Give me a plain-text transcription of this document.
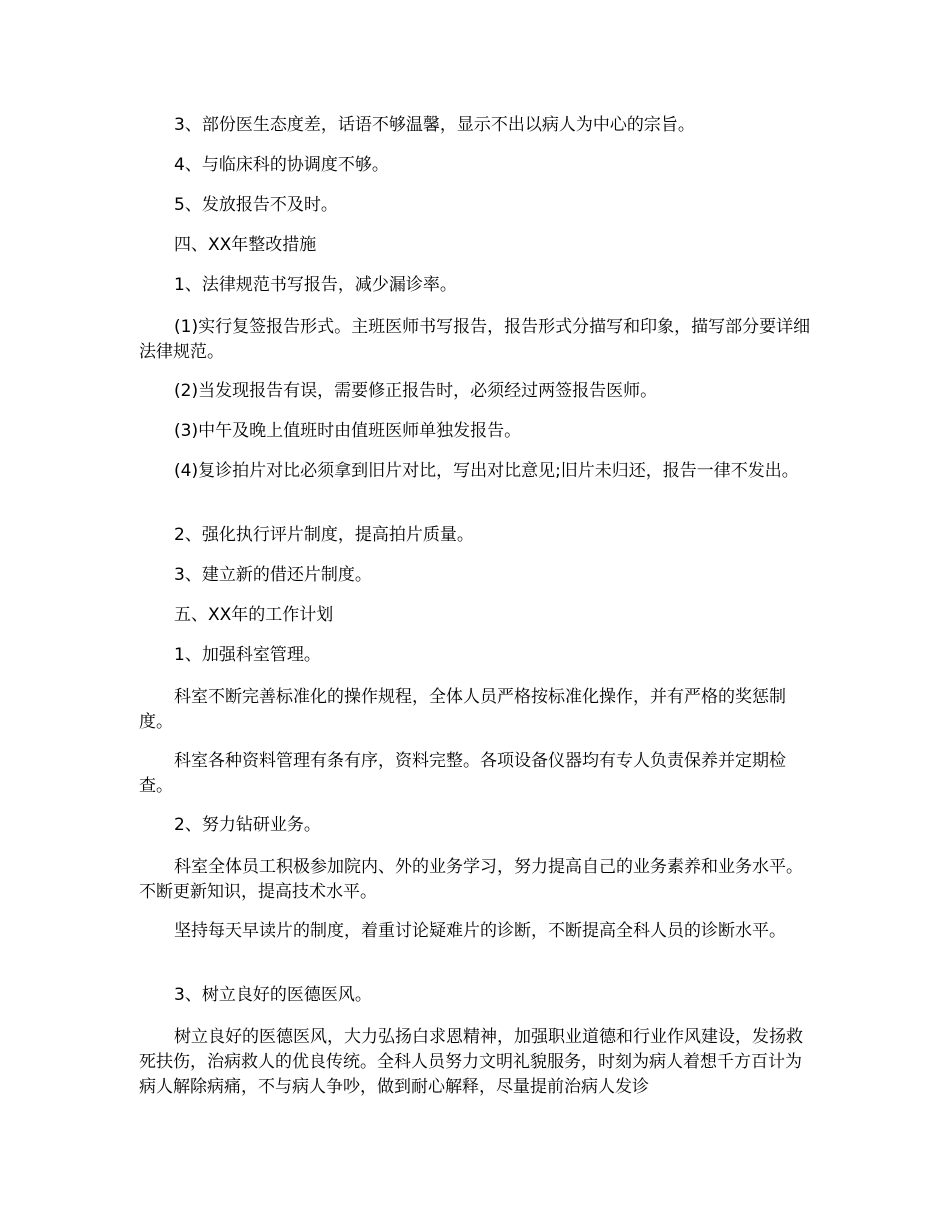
3、部份医生态度差，话语不够温馨，显示不出以病人为中心的宗旨。

4、与临床科的协调度不够。

5、发放报告不及时。

四、XX年整改措施

1、法律规范书写报告，减少漏诊率。

(1)实行复签报告形式。主班医师书写报告，报告形式分描写和印象，描写部分要详细法律规范。

(2)当发现报告有误，需要修正报告时，必须经过两签报告医师。

(3)中午及晚上值班时由值班医师单独发报告。

(4)复诊拍片对比必须拿到旧片对比，写出对比意见;旧片未归还，报告一律不发出。

2、强化执行评片制度，提高拍片质量。

3、建立新的借还片制度。

五、XX年的工作计划

1、加强科室管理。

科室不断完善标准化的操作规程，全体人员严格按标准化操作，并有严格的奖惩制度。

科室各种资料管理有条有序，资料完整。各项设备仪器均有专人负责保养并定期检查。

2、努力钻研业务。

科室全体员工积极参加院内、外的业务学习，努力提高自己的业务素养和业务水平。不断更新知识，提高技术水平。

坚持每天早读片的制度，着重讨论疑难片的诊断，不断提高全科人员的诊断水平。

3、树立良好的医德医风。

树立良好的医德医风，大力弘扬白求恩精神，加强职业道德和行业作风建设，发扬救死扶伤，治病救人的优良传统。全科人员努力文明礼貌服务，时刻为病人着想千方百计为病人解除病痛，不与病人争吵，做到耐心解释，尽量提前治病人发诊
